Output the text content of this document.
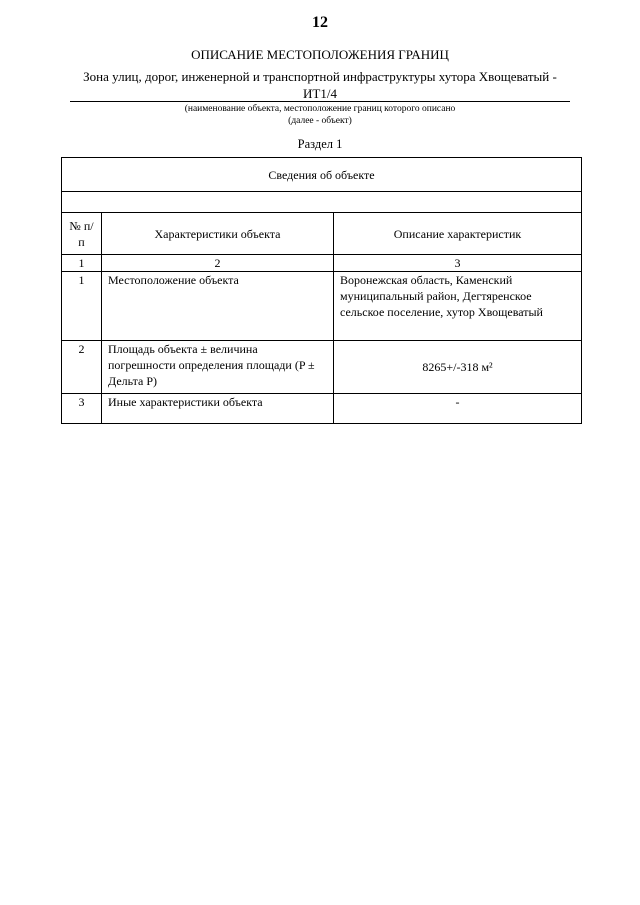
12
ОПИСАНИЕ МЕСТОПОЛОЖЕНИЯ ГРАНИЦ
Зона улиц, дорог, инженерной и транспортной инфраструктуры хутора Хвощеватый - ИТ1/4
(наименование объекта, местоположение границ которого описано
(далее - объект)
Раздел 1
Сведения об объекте		

№ п/п	Характеристики объекта	Описание характеристик
1	2	3
1	Местоположение объекта	Воронежская область, Каменский муниципальный район, Дегтяренское сельское поселение, хутор Хвощеватый
2	Площадь объекта ± величина погрешности определения площади (P ± Дельта P)	8265+/-318 м²
3	Иные характеристики объекта	-
